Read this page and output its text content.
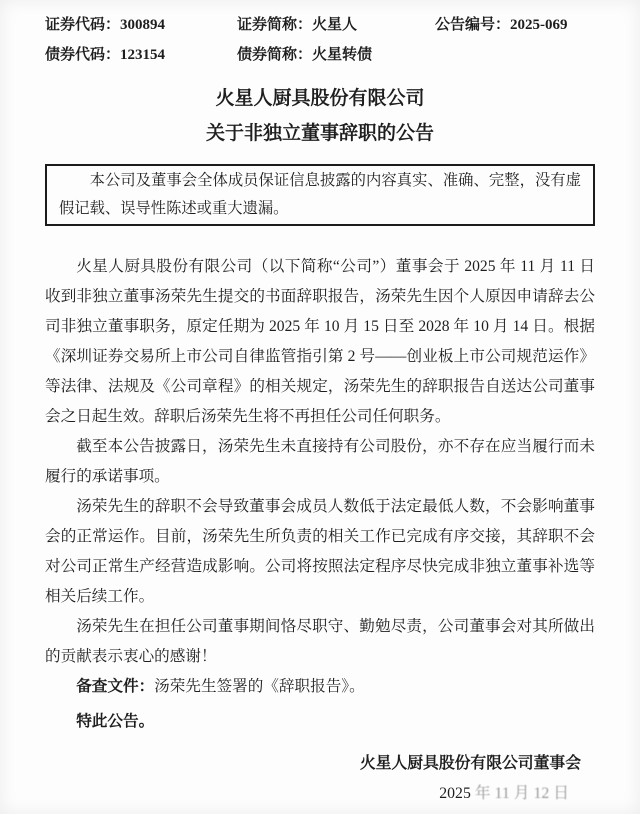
证券代码：300894	证券简称：火星人	公告编号：2025-069
债券代码：123154	债券简称：火星转债
火星人厨具股份有限公司
关于非独立董事辞职的公告

本公司及董事会全体成员保证信息披露的内容真实、准确、完整，没有虚假记载、误导性陈述或重大遗漏。

火星人厨具股份有限公司（以下简称“公司”）董事会于 2025 年 11 月 11 日收到非独立董事汤荣先生提交的书面辞职报告，汤荣先生因个人原因申请辞去公司非独立董事职务，原定任期为 2025 年 10 月 15 日至 2028 年 10 月 14 日。根据《深圳证券交易所上市公司自律监管指引第 2 号——创业板上市公司规范运作》等法律、法规及《公司章程》的相关规定，汤荣先生的辞职报告自送达公司董事会之日起生效。辞职后汤荣先生将不再担任公司任何职务。

截至本公告披露日，汤荣先生未直接持有公司股份，亦不存在应当履行而未履行的承诺事项。

汤荣先生的辞职不会导致董事会成员人数低于法定最低人数，不会影响董事会的正常运作。目前，汤荣先生所负责的相关工作已完成有序交接，其辞职不会对公司正常生产经营造成影响。公司将按照法定程序尽快完成非独立董事补选等相关后续工作。

汤荣先生在担任公司董事期间恪尽职守、勤勉尽责，公司董事会对其所做出的贡献表示衷心的感谢！

备查文件：汤荣先生签署的《辞职报告》。

特此公告。

火星人厨具股份有限公司董事会
2025 年 11 月 12 日
